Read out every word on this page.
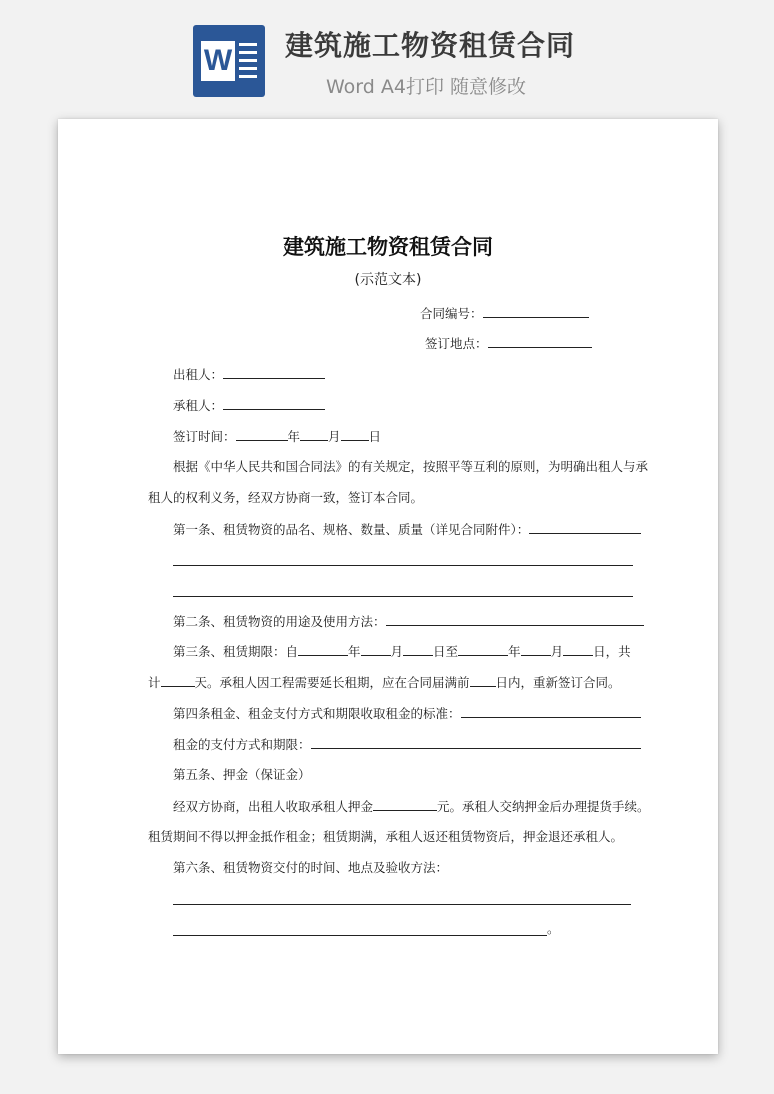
W 建筑施工物资租赁合同
Word A4打印 随意修改

建筑施工物资租赁合同
(示范文本)
合同编号：
签订地点：
出租人：
承租人：
签订时间：	年 月 日
根据《中华人民共和国合同法》的有关规定，按照平等互利的原则，为明确出租人与承
租人的权利义务，经双方协商一致，签订本合同。
第一条、租赁物资的品名、规格、数量、质量（详见合同附件）：
第二条、租赁物资的用途及使用方法：
第三条、租赁期限：自	年 月 日至	年 月 日，共
计	天。承租人因工程需要延长租期，应在合同届满前 日内，重新签订合同。
第四条租金、租金支付方式和期限收取租金的标准：
租金的支付方式和期限：
第五条、押金（保证金）
经双方协商，出租人收取承租人押金	元。承租人交纳押金后办理提货手续。
租赁期间不得以押金抵作租金；租赁期满，承租人返还租赁物资后，押金退还承租人。
第六条、租赁物资交付的时间、地点及验收方法：
。
